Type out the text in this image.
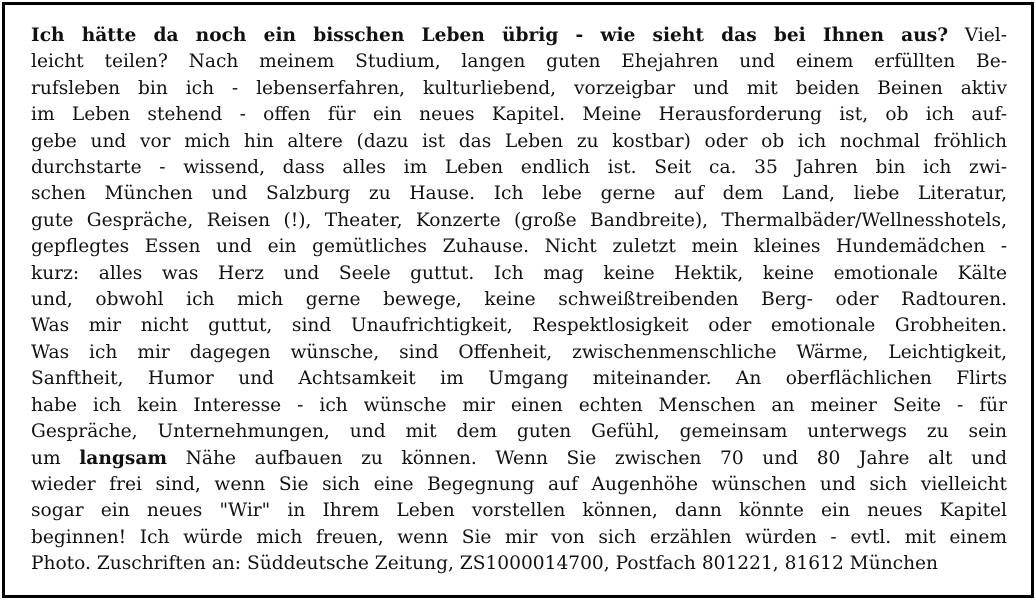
Ich hätte da noch ein bisschen Leben übrig - wie sieht das bei Ihnen aus? Viel-
leicht teilen? Nach meinem Studium, langen guten Ehejahren und einem erfüllten Be-
rufsleben bin ich - lebenserfahren, kulturliebend, vorzeigbar und mit beiden Beinen aktiv
im Leben stehend - offen für ein neues Kapitel. Meine Herausforderung ist, ob ich auf-
gebe und vor mich hin altere (dazu ist das Leben zu kostbar) oder ob ich nochmal fröhlich
durchstarte - wissend, dass alles im Leben endlich ist. Seit ca. 35 Jahren bin ich zwi-
schen München und Salzburg zu Hause. Ich lebe gerne auf dem Land, liebe Literatur,
gute Gespräche, Reisen (!), Theater, Konzerte (große Bandbreite), Thermalbäder/Wellnesshotels,
gepflegtes Essen und ein gemütliches Zuhause. Nicht zuletzt mein kleines Hundemädchen -
kurz: alles was Herz und Seele guttut. Ich mag keine Hektik, keine emotionale Kälte
und, obwohl ich mich gerne bewege, keine schweißtreibenden Berg- oder Radtouren.
Was mir nicht guttut, sind Unaufrichtigkeit, Respektlosigkeit oder emotionale Grobheiten.
Was ich mir dagegen wünsche, sind Offenheit, zwischenmenschliche Wärme, Leichtigkeit,
Sanftheit, Humor und Achtsamkeit im Umgang miteinander. An oberflächlichen Flirts
habe ich kein Interesse - ich wünsche mir einen echten Menschen an meiner Seite - für
Gespräche, Unternehmungen, und mit dem guten Gefühl, gemeinsam unterwegs zu sein
um langsam Nähe aufbauen zu können. Wenn Sie zwischen 70 und 80 Jahre alt und
wieder frei sind, wenn Sie sich eine Begegnung auf Augenhöhe wünschen und sich vielleicht
sogar ein neues "Wir" in Ihrem Leben vorstellen können, dann könnte ein neues Kapitel
beginnen! Ich würde mich freuen, wenn Sie mir von sich erzählen würden - evtl. mit einem
Photo. Zuschriften an: Süddeutsche Zeitung, ZS1000014700, Postfach 801221, 81612 München
